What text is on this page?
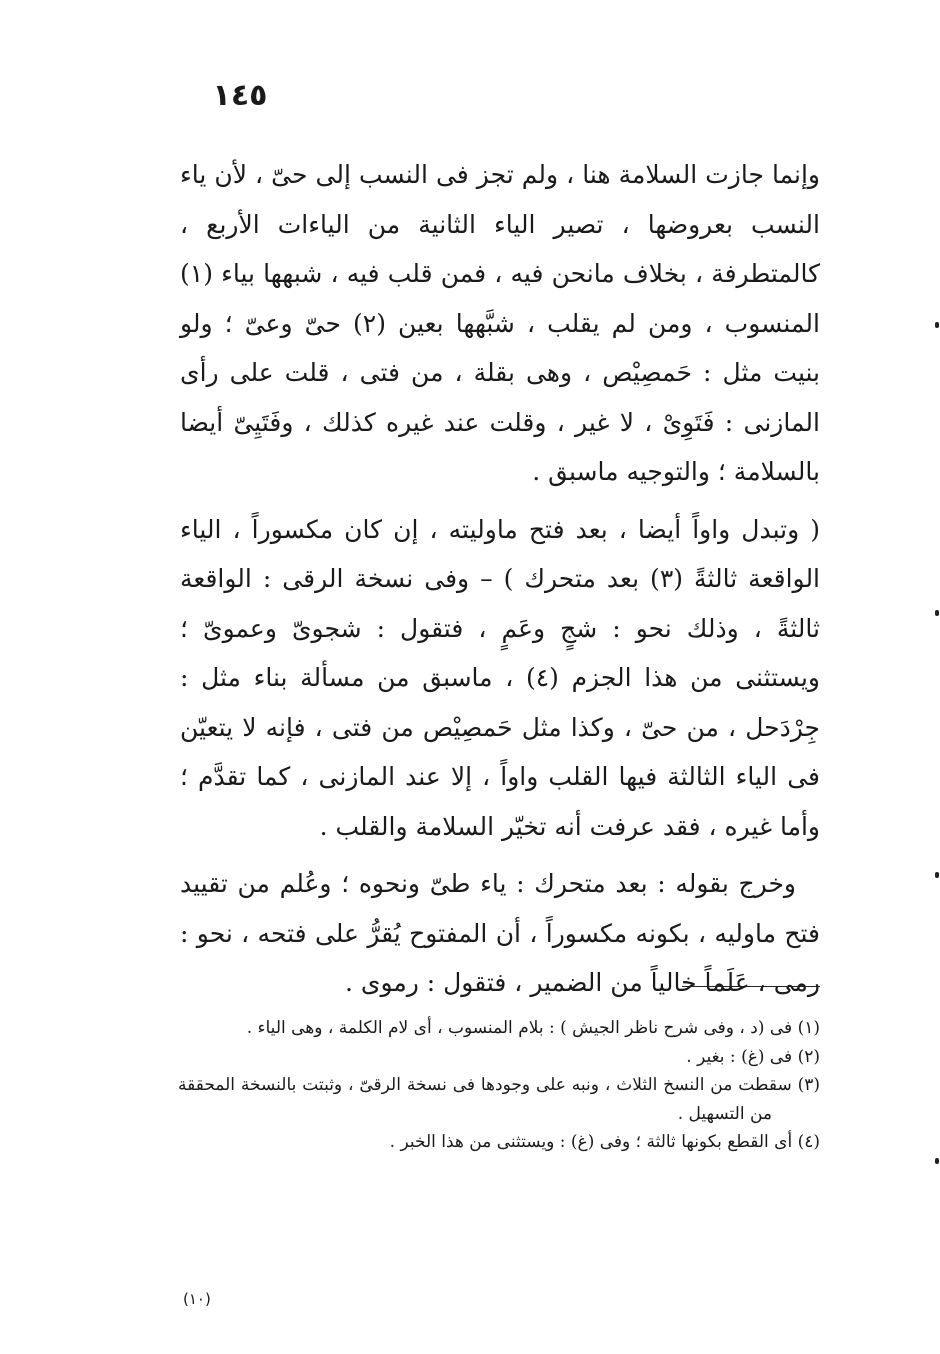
١٤٥

وإنما جازت السلامة هنا ، ولم تجز فى النسب إلى حىّ ، لأن ياء النسب بعروضها ، تصير الياء الثانية من الياءات الأربع ، كالمتطرفة ، بخلاف مانحن فيه ، فمن قلب فيه ، شبهها بياء (١) المنسوب ، ومن لم يقلب ، شبَّهها بعين (٢) حىّ وعىّ ؛ ولو بنيت مثل : حَمصِيْص ، وهى بقلة ، من فتى ، قلت على رأى المازنى : فَتَوِىْ ، لا غير ، وقلت عند غيره كذلك ، وفَتَيِىّ أيضا بالسلامة ؛ والتوجيه ماسبق .

( وتبدل واواً أيضا ، بعد فتح ماوليته ، إن كان مكسوراً ، الياء الواقعة ثالثةً (٣) بعد متحرك ) – وفى نسخة الرقى : الواقعة ثالثةً ، وذلك نحو : شجٍ وعَمٍ ، فتقول : شجوىّ وعموىّ ؛ ويستثنى من هذا الجزم (٤) ، ماسبق من مسألة بناء مثل : جِرْدَحل ، من حىّ ، وكذا مثل حَمصِيْص من فتى ، فإنه لا يتعيّن فى الياء الثالثة فيها القلب واواً ، إلا عند المازنى ، كما تقدَّم ؛ وأما غيره ، فقد عرفت أنه تخيّر السلامة والقلب .

وخرج بقوله : بعد متحرك : ياء طىّ ونحوه ؛ وعُلم من تقييد فتح ماوليه ، بكونه مكسوراً ، أن المفتوح يُقرُّ على فتحه ، نحو : رمى ، عَلَماً خالياً من الضمير ، فتقول : رموى .

(١) فى (د ، وفى شرح ناظر الجيش ) : بلام المنسوب ، أى لام الكلمة ، وهى الياء .

(٢) فى (غ) : بغير .

(٣) سقطت من النسخ الثلاث ، ونبه على وجودها فى نسخة الرقىّ ، وثبتت بالنسخة المحققة من التسهيل .

(٤) أى القطع بكونها ثالثة ؛ وفى (غ) : ويستثنى من هذا الخبر .

(١٠)
